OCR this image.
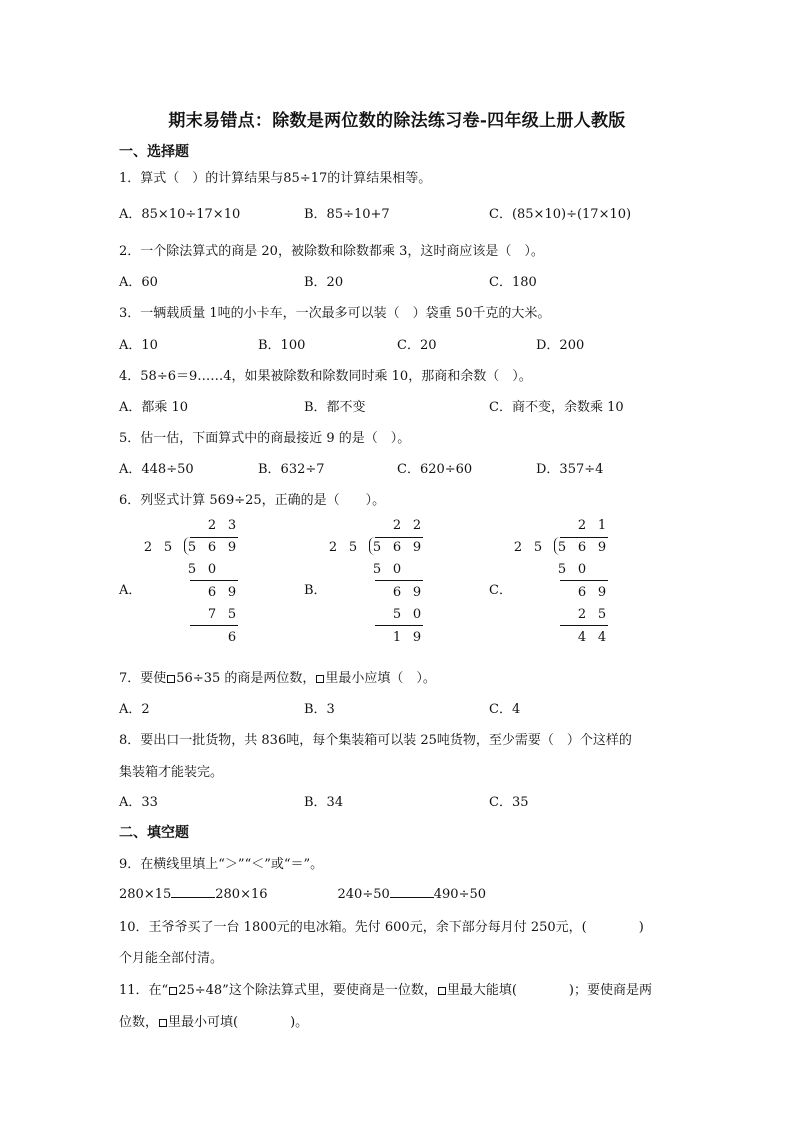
期末易错点：除数是两位数的除法练习卷-四年级上册人教版
一、选择题
1．算式（　）的计算结果与85÷17的计算结果相等。
A．85×10÷17×10	B．85÷10+7	C．(85×10)÷(17×10)
2．一个除法算式的商是 20，被除数和除数都乘 3，这时商应该是（　）。
A．60	B．20	C．180
3．一辆载质量 1吨的小卡车，一次最多可以装（　）袋重 50千克的大米。
A．10	B．100	C．20	D．200
4．58÷6＝9……4，如果被除数和除数同时乘 10，那商和余数（　）。
A．都乘 10	B．都不变	C．商不变，余数乘 10
5．估一估，下面算式中的商最接近 9 的是（　）。
A．448÷50	B．632÷7	C．620÷60	D．357÷4
6．列竖式计算 569÷25，正确的是（　　）。
A．
2 3
2 5 5 6 9
5 0
6 9
7 5
6
B．
2 2
2 5 5 6 9
5 0
6 9
5 0
1 9
C．
2 1
2 5 5 6 9
5 0
6 9
2 5
4 4
7．要使 56÷35 的商是两位数， 里最小应填（　）。
A．2	B．3	C．4
8．要出口一批货物，共 836吨，每个集装箱可以装 25吨货物，至少需要（　）个这样的
集装箱才能装完。
A．33	B．34	C．35
二、填空题
9．在横线里填上“＞”“＜”或“＝”。
280×15	280×16	240÷50	490÷50
10．王爷爷买了一台 1800元的电冰箱。先付 600元，余下部分每月付 250元，(　　　　)
个月能全部付清。
11．在“ 25÷48”这个除法算式里，要使商是一位数， 里最大能填(　　　　)；要使商是两
位数， 里最小可填(　　　　)。
